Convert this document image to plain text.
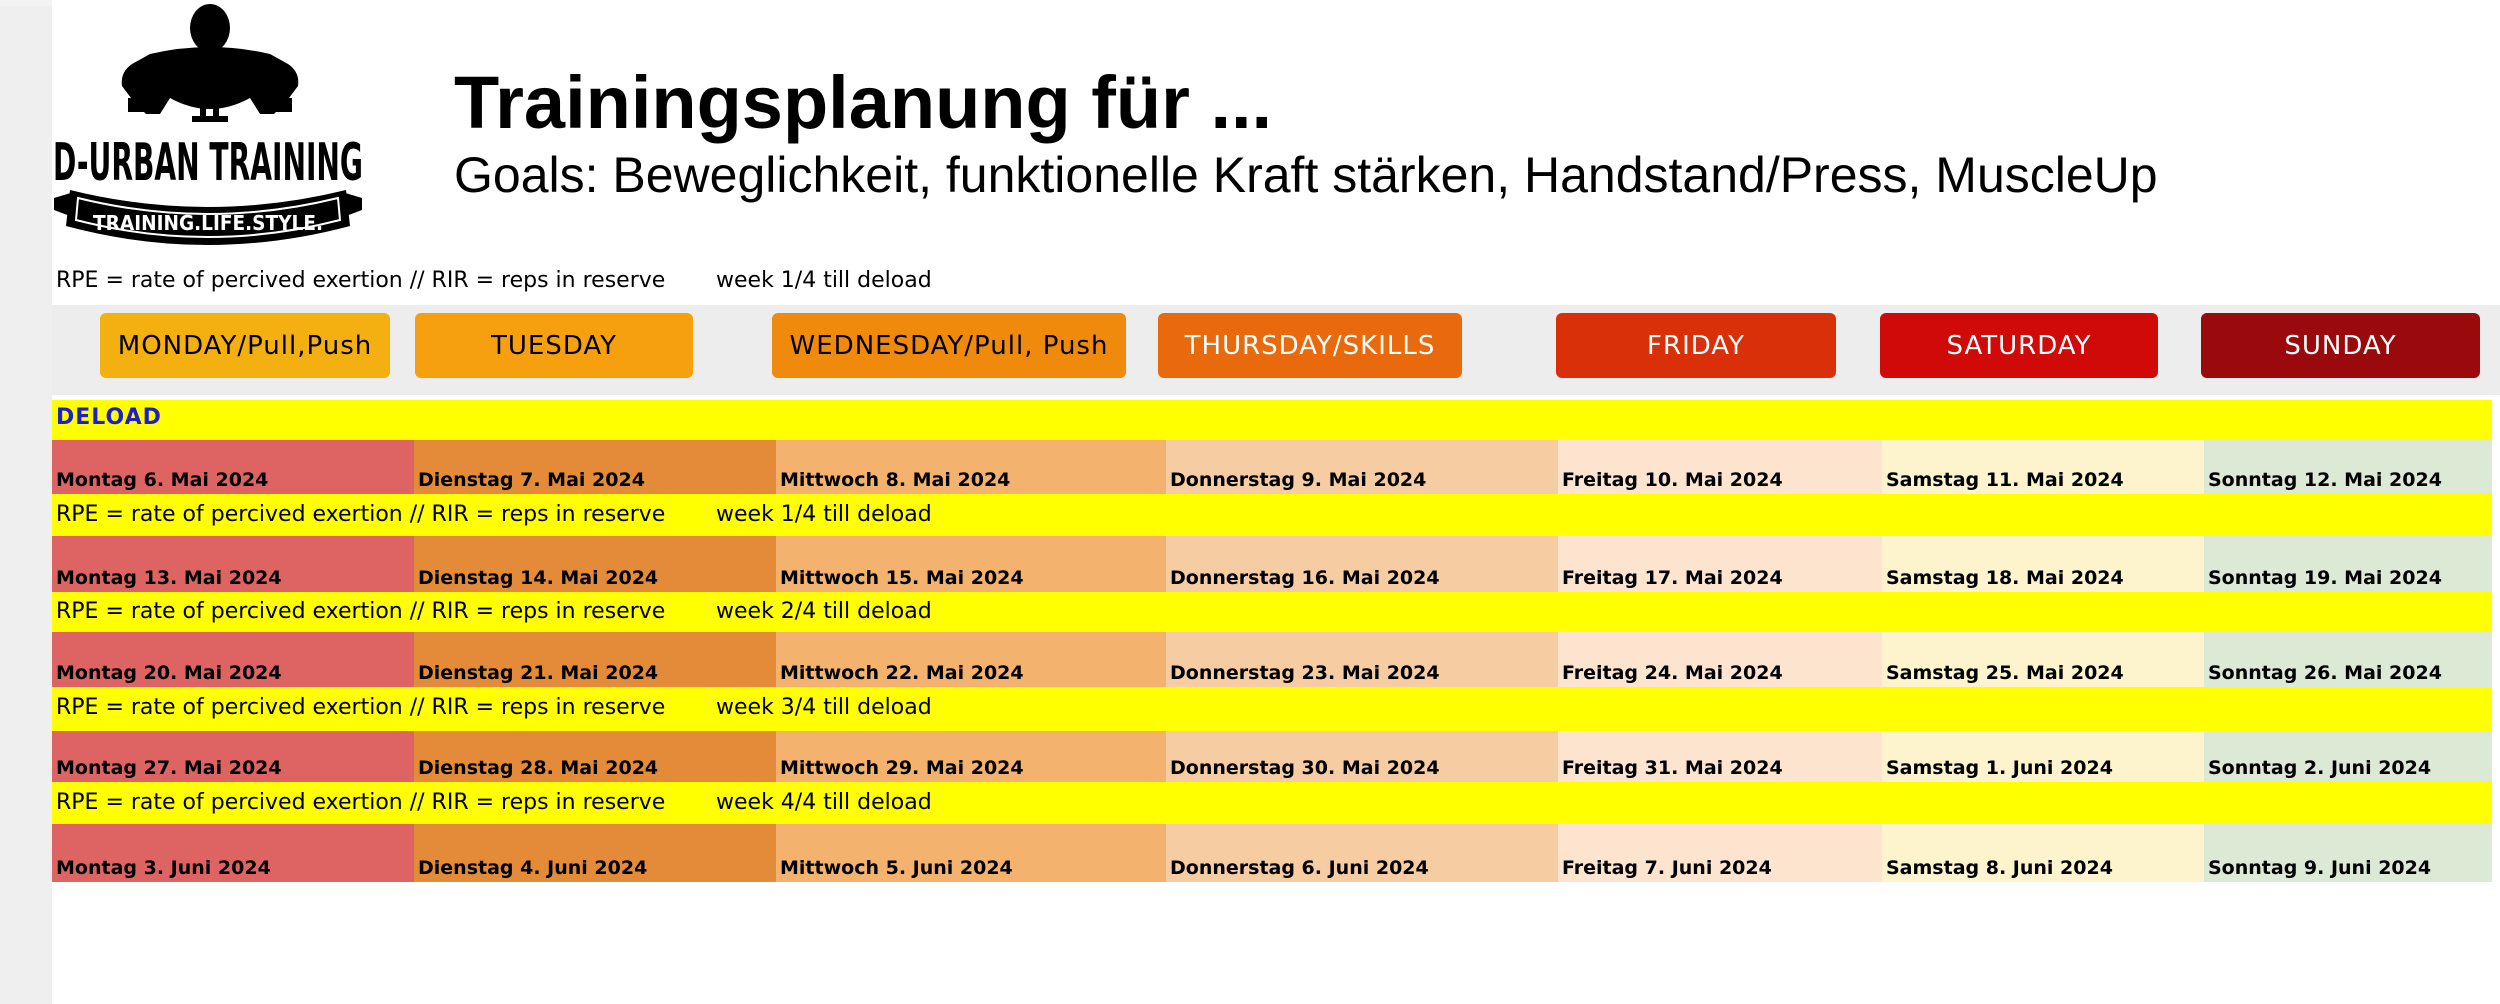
D-URBAN TRAINING
TRAINING.LIFE.STYLE.
Trainingsplanung für ...
Goals: Beweglichkeit, funktionelle Kraft stärken, Handstand/Press, MuscleUp
RPE = rate of percived exertion // RIR = reps in reserve week 1/4 till deload
MONDAY/Pull,Push	TUESDAY	WEDNESDAY/Pull, Push	THURSDAY/SKILLS	FRIDAY	SATURDAY	SUNDAY
DELOAD
Montag 6. Mai 2024	Dienstag 7. Mai 2024	Mittwoch 8. Mai 2024	Donnerstag 9. Mai 2024	Freitag 10. Mai 2024	Samstag 11. Mai 2024	Sonntag 12. Mai 2024
RPE = rate of percived exertion // RIR = reps in reserve week 1/4 till deload
Montag 13. Mai 2024	Dienstag 14. Mai 2024	Mittwoch 15. Mai 2024	Donnerstag 16. Mai 2024	Freitag 17. Mai 2024	Samstag 18. Mai 2024	Sonntag 19. Mai 2024
RPE = rate of percived exertion // RIR = reps in reserve week 2/4 till deload
Montag 20. Mai 2024	Dienstag 21. Mai 2024	Mittwoch 22. Mai 2024	Donnerstag 23. Mai 2024	Freitag 24. Mai 2024	Samstag 25. Mai 2024	Sonntag 26. Mai 2024
RPE = rate of percived exertion // RIR = reps in reserve week 3/4 till deload
Montag 27. Mai 2024	Dienstag 28. Mai 2024	Mittwoch 29. Mai 2024	Donnerstag 30. Mai 2024	Freitag 31. Mai 2024	Samstag 1. Juni 2024	Sonntag 2. Juni 2024
RPE = rate of percived exertion // RIR = reps in reserve week 4/4 till deload
Montag 3. Juni 2024	Dienstag 4. Juni 2024	Mittwoch 5. Juni 2024	Donnerstag 6. Juni 2024	Freitag 7. Juni 2024	Samstag 8. Juni 2024	Sonntag 9. Juni 2024
